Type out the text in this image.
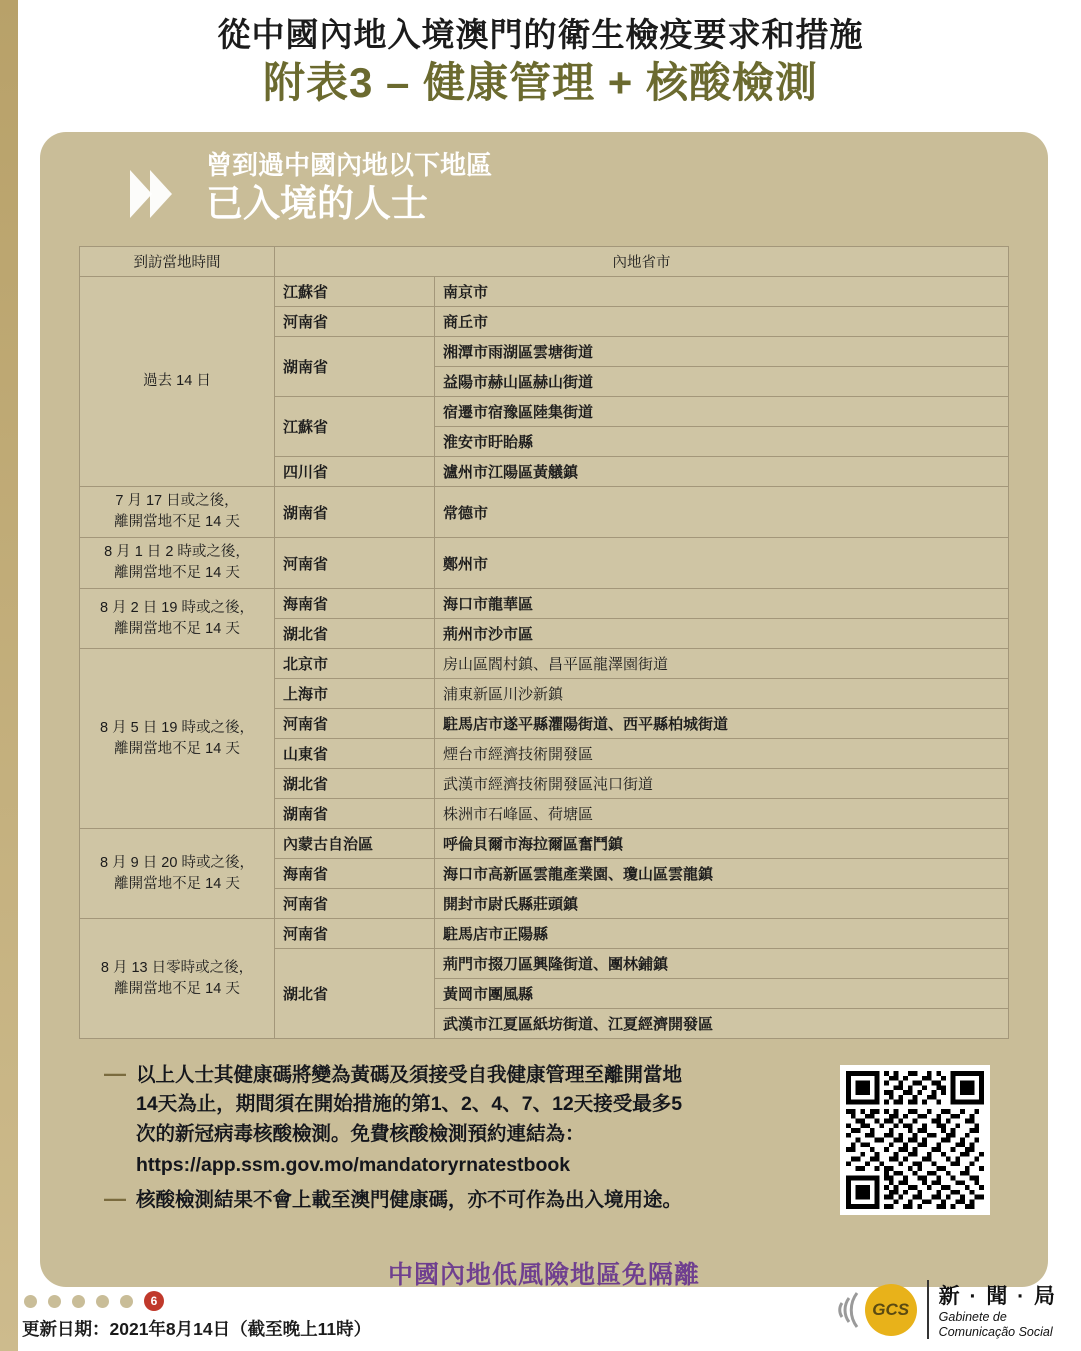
從中國內地入境澳門的衛生檢疫要求和措施
附表3 – 健康管理 + 核酸檢測
曾到過中國內地以下地區
已入境的人士
到訪當地時間	內地省市	
過去 14 日	江蘇省	南京市
	河南省	商丘市
	湖南省	湘潭市雨湖區雲塘街道
		益陽市赫山區赫山街道
	江蘇省	宿遷市宿豫區陸集街道
		淮安市盱眙縣
	四川省	瀘州市江陽區黃艤鎮
7 月 17 日或之後，
離開當地不足 14 天	湖南省	常德市
8 月 1 日 2 時或之後，
離開當地不足 14 天	河南省	鄭州市
8 月 2 日 19 時或之後，
離開當地不足 14 天	海南省	海口市龍華區
	湖北省	荊州市沙市區
8 月 5 日 19 時或之後，
離開當地不足 14 天	北京市	房山區閻村鎮、昌平區龍澤園街道
	上海市	浦東新區川沙新鎮
	河南省	駐馬店市遂平縣灈陽街道、西平縣柏城街道
	山東省	煙台市經濟技術開發區
	湖北省	武漢市經濟技術開發區沌口街道
	湖南省	株洲市石峰區、荷塘區
8 月 9 日 20 時或之後，
離開當地不足 14 天	內蒙古自治區	呼倫貝爾市海拉爾區奮鬥鎮
	海南省	海口市高新區雲龍產業園、瓊山區雲龍鎮
	河南省	開封市尉氏縣莊頭鎮
8 月 13 日零時或之後，
離開當地不足 14 天	河南省	駐馬店市正陽縣
	湖北省	荊門市掇刀區興隆街道、團林鋪鎮
		黃岡市團風縣
		武漢市江夏區紙坊街道、江夏經濟開發區
— 以上人士其健康碼將變為黃碼及須接受自我健康管理至離開當地
14天為止，期間須在開始措施的第1、2、4、7、12天接受最多5
次的新冠病毒核酸檢測。免費核酸檢測預約連結為：
https://app.ssm.gov.mo/mandatoryrnatestbook
— 核酸檢測結果不會上載至澳門健康碼，亦不可作為出入境用途。
中國內地低風險地區免隔離
6
更新日期：2021年8月14日（截至晚上11時）
GCS
新 · 聞 · 局
Gabinete de
Comunicação Social
